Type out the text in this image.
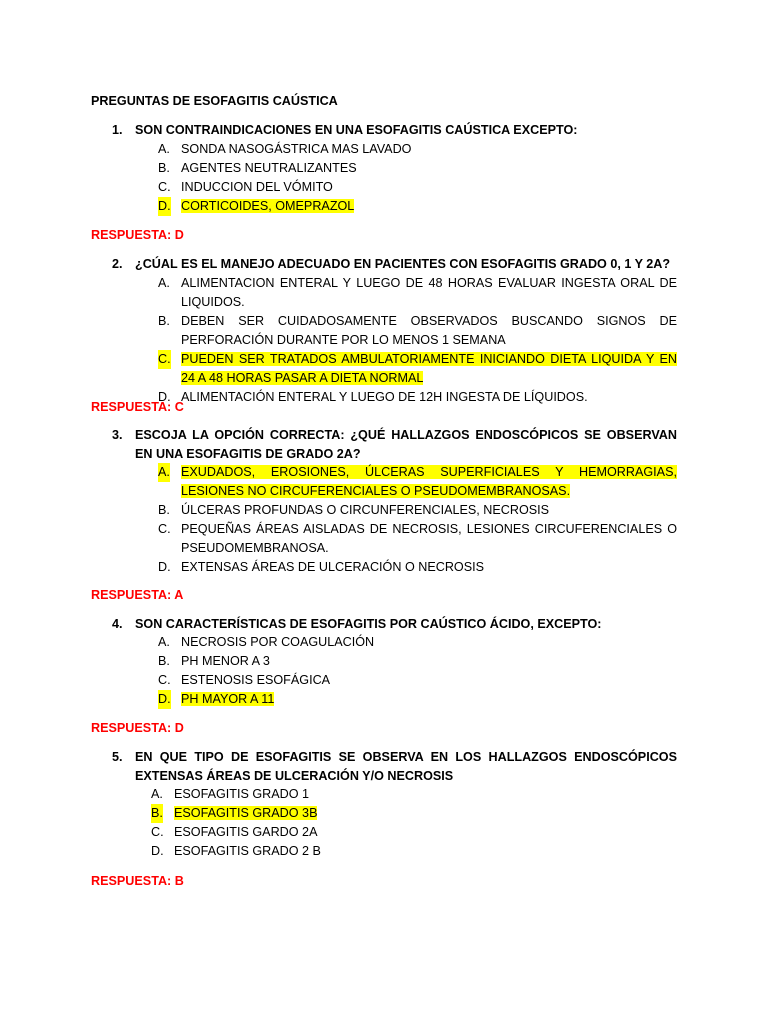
PREGUNTAS DE ESOFAGITIS CAÚSTICA
1. SON CONTRAINDICACIONES EN UNA ESOFAGITIS CAÚSTICA EXCEPTO:
A. SONDA NASOGÁSTRICA MAS LAVADO
B. AGENTES NEUTRALIZANTES
C. INDUCCION DEL VÓMITO
D. CORTICOIDES, OMEPRAZOL
RESPUESTA: D
2. ¿CÚAL ES EL MANEJO ADECUADO EN PACIENTES CON ESOFAGITIS GRADO 0, 1 Y 2A?
A. ALIMENTACION ENTERAL Y LUEGO DE 48 HORAS EVALUAR INGESTA ORAL DE LIQUIDOS.
B. DEBEN SER CUIDADOSAMENTE OBSERVADOS BUSCANDO SIGNOS DE PERFORACIÓN DURANTE POR LO MENOS 1 SEMANA
C. PUEDEN SER TRATADOS AMBULATORIAMENTE INICIANDO DIETA LIQUIDA Y EN 24 A 48 HORAS PASAR A DIETA NORMAL
D. ALIMENTACIÓN ENTERAL Y LUEGO DE 12H INGESTA DE LÍQUIDOS.
RESPUESTA: C
3. ESCOJA LA OPCIÓN CORRECTA: ¿QUÉ HALLAZGOS ENDOSCÓPICOS SE OBSERVAN EN UNA ESOFAGITIS DE GRADO 2A?
A. EXUDADOS, EROSIONES, ÚLCERAS SUPERFICIALES Y HEMORRAGIAS, LESIONES NO CIRCUFERENCIALES O PSEUDOMEMBRANOSAS.
B. ÚLCERAS PROFUNDAS O CIRCUNFERENCIALES, NECROSIS
C. PEQUEÑAS ÁREAS AISLADAS DE NECROSIS, LESIONES CIRCUFERENCIALES O PSEUDOMEMBRANOSA.
D. EXTENSAS ÁREAS DE ULCERACIÓN O NECROSIS
RESPUESTA: A
4. SON CARACTERÍSTICAS DE ESOFAGITIS POR CAÚSTICO ÁCIDO, EXCEPTO:
A. NECROSIS POR COAGULACIÓN
B. PH MENOR A 3
C. ESTENOSIS ESOFÁGICA
D. PH MAYOR A 11
RESPUESTA: D
5. EN QUE TIPO DE ESOFAGITIS SE OBSERVA EN LOS HALLAZGOS ENDOSCÓPICOS EXTENSAS ÁREAS DE ULCERACIÓN Y/O NECROSIS
A. ESOFAGITIS GRADO 1
B. ESOFAGITIS GRADO 3B
C. ESOFAGITIS GARDO 2A
D. ESOFAGITIS GRADO 2 B
RESPUESTA: B
